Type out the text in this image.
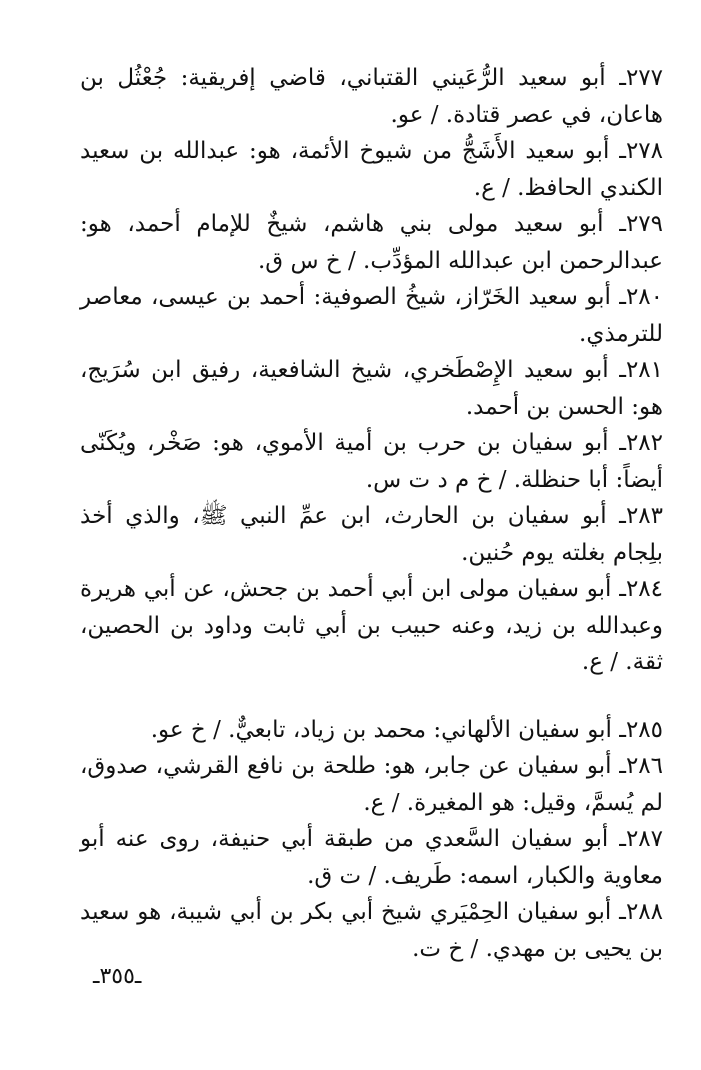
٢٧٧ـ أبو سعيد الرُّعَيني القتباني، قاضي إفريقية: جُعْثُل بن هاعان، في عصر قتادة. / عو.

٢٧٨ـ أبو سعيد الأَشَجُّ من شيوخ الأئمة، هو: عبدالله بن سعيد الكندي الحافظ. / ع.

٢٧٩ـ أبو سعيد مولى بني هاشم، شيخٌ للإمام أحمد، هو: عبدالرحمن ابن عبدالله المؤدِّب. / خ س ق.

٢٨٠ـ أبو سعيد الخَرّاز، شيخُ الصوفية: أحمد بن عيسى، معاصر للترمذي.

٢٨١ـ أبو سعيد الإِصْطَخري، شيخ الشافعية، رفيق ابن سُرَيج، هو: الحسن بن أحمد.

٢٨٢ـ أبو سفيان بن حرب بن أمية الأموي، هو: صَخْر، ويُكَنّى أيضاً: أبا حنظلة. / خ م د ت س.

٢٨٣ـ أبو سفيان بن الحارث، ابن عمِّ النبي ﷺ، والذي أخذ بلِجام بغلته يوم حُنين.

٢٨٤ـ أبو سفيان مولى ابن أبي أحمد بن جحش، عن أبي هريرة وعبدالله بن زيد، وعنه حبيب بن أبي ثابت وداود بن الحصين، ثقة. / ع.

٢٨٥ـ أبو سفيان الألهاني: محمد بن زياد، تابعيٌّ. / خ عو.

٢٨٦ـ أبو سفيان عن جابر، هو: طلحة بن نافع القرشي، صدوق، لم يُسمَّ، وقيل: هو المغيرة. / ع.

٢٨٧ـ أبو سفيان السَّعدي من طبقة أبي حنيفة، روى عنه أبو معاوية والكبار، اسمه: طَريف. / ت ق.

٢٨٨ـ أبو سفيان الحِمْيَري شيخ أبي بكر بن أبي شيبة، هو سعيد بن يحيى بن مهدي. / خ ت.

ـ٣٥٥ـ
